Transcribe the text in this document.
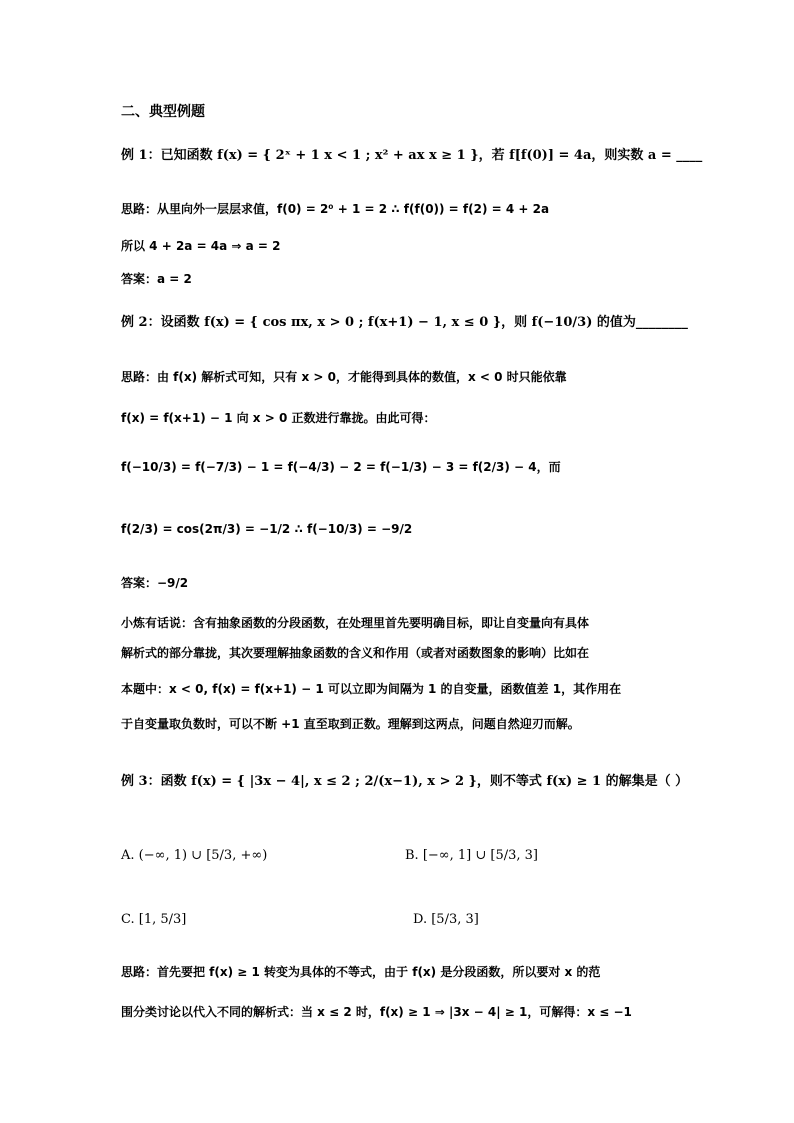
二、典型例题
例 1：已知函数 f(x) = { 2ˣ + 1 x < 1 ; x² + ax x ≥ 1 }，若 f[f(0)] = 4a，则实数 a = ____
思路：从里向外一层层求值，f(0) = 2⁰ + 1 = 2 ∴ f(f(0)) = f(2) = 4 + 2a
所以 4 + 2a = 4a ⇒ a = 2
答案：a = 2
例 2：设函数 f(x) = { cos πx, x > 0 ; f(x+1) − 1, x ≤ 0 }，则 f(−10/3) 的值为________
思路：由 f(x) 解析式可知，只有 x > 0，才能得到具体的数值，x < 0 时只能依靠
f(x) = f(x+1) − 1 向 x > 0 正数进行靠拢。由此可得：
f(−10/3) = f(−7/3) − 1 = f(−4/3) − 2 = f(−1/3) − 3 = f(2/3) − 4，而
f(2/3) = cos(2π/3) = −1/2 ∴ f(−10/3) = −9/2
答案：−9/2
小炼有话说：含有抽象函数的分段函数，在处理里首先要明确目标，即让自变量向有具体
解析式的部分靠拢，其次要理解抽象函数的含义和作用（或者对函数图象的影响）比如在
本题中：x < 0, f(x) = f(x+1) − 1 可以立即为间隔为 1 的自变量，函数值差 1，其作用在
于自变量取负数时，可以不断 +1 直至取到正数。理解到这两点，问题自然迎刃而解。
例 3：函数 f(x) = { |3x − 4|, x ≤ 2 ; 2/(x−1), x > 2 }，则不等式 f(x) ≥ 1 的解集是（ ）
A. (−∞, 1) ∪ [5/3, +∞)	B. [−∞, 1] ∪ [5/3, 3]
C. [1, 5/3]	D. [5/3, 3]
思路：首先要把 f(x) ≥ 1 转变为具体的不等式，由于 f(x) 是分段函数，所以要对 x 的范
围分类讨论以代入不同的解析式：当 x ≤ 2 时，f(x) ≥ 1 ⇒ |3x − 4| ≥ 1，可解得：x ≤ −1
